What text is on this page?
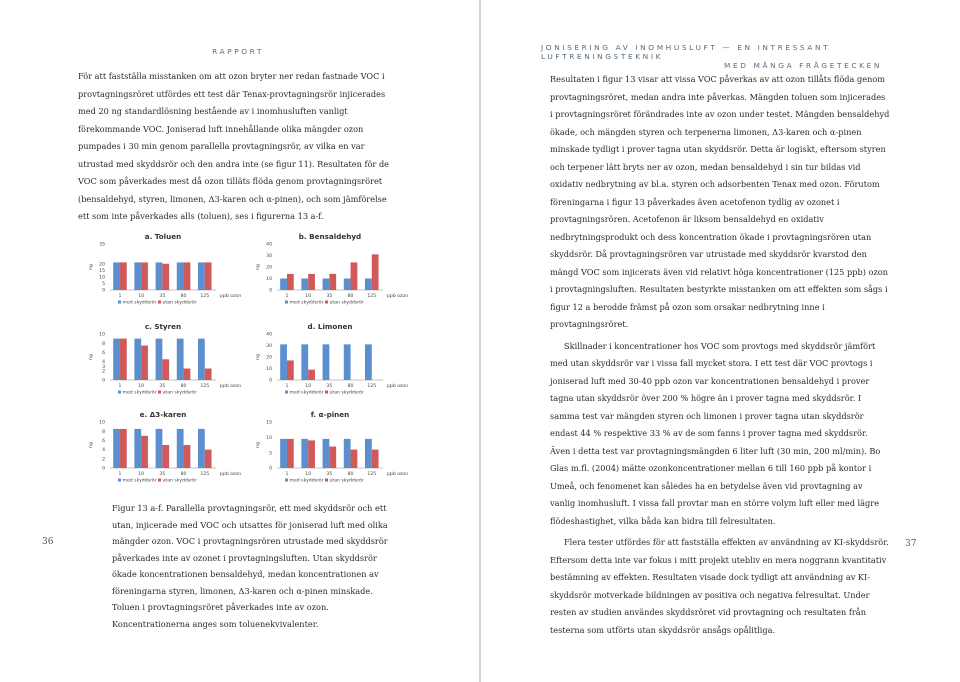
RAPPORT

För att fastställa misstanken om att ozon bryter ner redan fastnade VOC i provtagningsröret utfördes ett test där Tenax-provtagningsrör injicerades med 20 ng standardlösning bestående av i inomhusluften vanligt förekommande VOC. Joniserad luft innehållande olika mängder ozon pumpades i 30 min genom parallella provtagningsrör, av vilka en var utrustad med skyddsrör och den andra inte (se figur 11). Resultaten för de VOC som påverkades mest då ozon tilläts flöda genom provtagningsröret (bensaldehyd, styren, limonen, Δ3-karen och α-pinen), och som jämförelse ett som inte påverkades alls (toluen), ses i figurerna 13 a-f.

a. Toluen
ng
0
5
10
15
20
35
1	10	35	80	125 ppb ozon
med skyddsrör utan skyddsrör
b. Bensaldehyd
ng
0
10
20
30
40
1	10	35	80	125 ppb ozon
med skyddsrör utan skyddsrör
c. Styren
ng
0
2
3
4
6
8
10
1	10	35	80	125 ppb ozon
med skyddsrör utan skyddsrör
d. Limonen
ng
0
10
20
30
40
1	10	35	80	125 ppb ozon
med skyddsrör utan skyddsrör
e. Δ3-karen
ng
0
2
4
6
8
10
1	10	35	80	125 ppb ozon
med skyddsrör utan skyddsrör
f. α-pinen
ng
0
5
10
15
1	10	35	80	125 ppb ozon
med skyddsrör utan skyddsrör

Figur 13 a-f. Parallella provtagningsrör, ett med skyddsrör och ett utan, injicerade med VOC och utsattes för joniserad luft med olika mängder ozon. VOC i provtagningsrören utrustade med skyddsrör påverkades inte av ozonet i provtagningsluften. Utan skyddsrör ökade koncentrationen bensaldehyd, medan koncentrationen av föreningarna styren, limonen, Δ3-karen och α-pinen minskade. Toluen i provtagningsröret påverkades inte av ozon. Koncentrationerna anges som toluenekvivalenter.

36
JONISERING AV INOMHUSLUFT — EN INTRESSANT LUFTRENINGSTEKNIK
MED MÅNGA FRÅGETECKEN

Resultaten i figur 13 visar att vissa VOC påverkas av att ozon tillåts flöda genom provtagningsröret, medan andra inte påverkas. Mängden toluen som injicerades i provtagningsröret förändrades inte av ozon under testet. Mängden bensaldehyd ökade, och mängden styren och terpenerna limonen, Δ3-karen och α-pinen minskade tydligt i prover tagna utan skyddsrör. Detta är logiskt, eftersom styren och terpener lätt bryts ner av ozon, medan bensaldehyd i sin tur bildas vid oxidativ nedbrytning av bl.a. styren och adsorbenten Tenax med ozon. Förutom föreningarna i figur 13 påverkades även acetofenon tydlig av ozonet i provtagningsrören. Acetofenon är liksom bensaldehyd en oxidativ nedbrytningsprodukt och dess koncentration ökade i provtagningsrören utan skyddsrör. Då provtagningsrören var utrustade med skyddsrör kvarstod den mängd VOC som injicerats även vid relativt höga koncentrationer (125 ppb) ozon i provtagningsluften. Resultaten bestyrkte misstanken om att effekten som sågs i figur 12 a berodde främst på ozon som orsakar nedbrytning inne i provtagningsröret.

Skillnader i koncentrationer hos VOC som provtogs med skyddsrör jämfört med utan skyddsrör var i vissa fall mycket stora. I ett test där VOC provtogs i joniserad luft med 30-40 ppb ozon var koncentrationen bensaldehyd i prover tagna utan skyddsrör över 200 % högre än i prover tagna med skyddsrör. I samma test var mängden styren och limonen i prover tagna utan skyddsrör endast 44 % respektive 33 % av de som fanns i prover tagna med skyddsrör. Även i detta test var provtagningsmängden 6 liter luft (30 min, 200 ml/min). Bo Glas m.fl. (2004) mätte ozonkoncentrationer mellan 6 till 160 ppb på kontor i Umeå, och fenomenet kan således ha en betydelse även vid provtagning av vanlig inomhusluft. I vissa fall provtar man en större volym luft eller med lägre flödeshastighet, vilka båda kan bidra till felresultaten.

Flera tester utfördes för att fastställa effekten av användning av KI-skyddsrör. Eftersom detta inte var fokus i mitt projekt utebliv en mera noggrann kvantitativ bestämning av effekten. Resultaten visade dock tydligt att användning av KI-skyddsrör motverkade bildningen av positiva och negativa felresultat. Under resten av studien användes skyddsröret vid provtagning och resultaten från testerna som utförts utan skyddsrör ansågs opålitliga.

37
